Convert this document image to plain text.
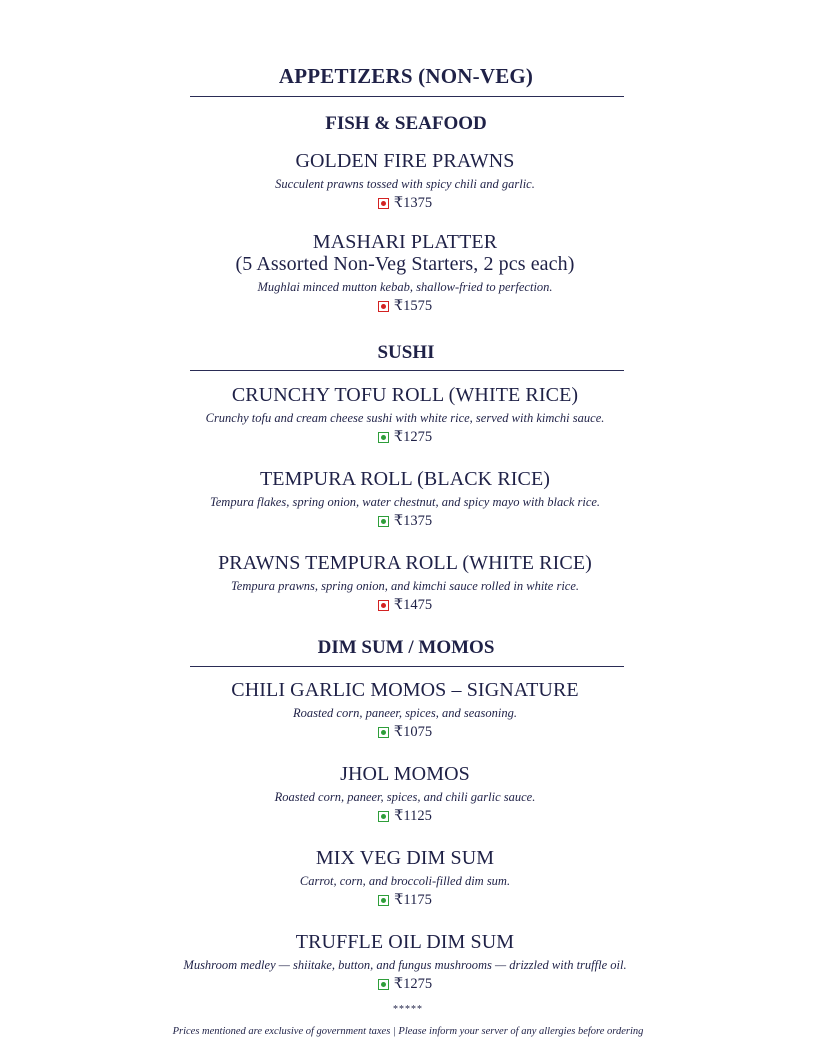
APPETIZERS (NON-VEG)
FISH & SEAFOOD
GOLDEN FIRE PRAWNS
Succulent prawns tossed with spicy chili and garlic.
₹1375
MASHARI PLATTER
(5 Assorted Non-Veg Starters, 2 pcs each)
Mughlai minced mutton kebab, shallow-fried to perfection.
₹1575
SUSHI
CRUNCHY TOFU ROLL (WHITE RICE)
Crunchy tofu and cream cheese sushi with white rice, served with kimchi sauce.
₹1275
TEMPURA ROLL (BLACK RICE)
Tempura flakes, spring onion, water chestnut, and spicy mayo with black rice.
₹1375
PRAWNS TEMPURA ROLL (WHITE RICE)
Tempura prawns, spring onion, and kimchi sauce rolled in white rice.
₹1475
DIM SUM / MOMOS
CHILI GARLIC MOMOS – SIGNATURE
Roasted corn, paneer, spices, and seasoning.
₹1075
JHOL MOMOS
Roasted corn, paneer, spices, and chili garlic sauce.
₹1125
MIX VEG DIM SUM
Carrot, corn, and broccoli-filled dim sum.
₹1175
TRUFFLE OIL DIM SUM
Mushroom medley — shiitake, button, and fungus mushrooms — drizzled with truffle oil.
₹1275
*****
Prices mentioned are exclusive of government taxes | Please inform your server of any allergies before ordering
